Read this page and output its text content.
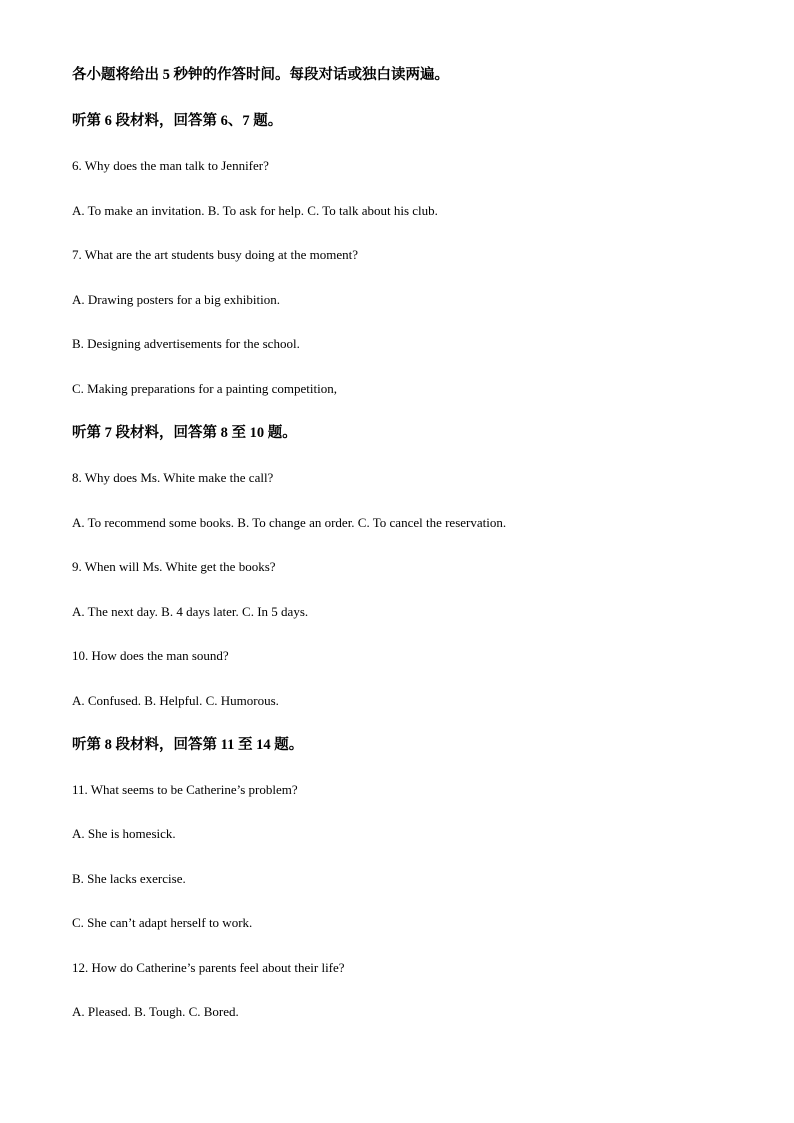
各小题将给出 5 秒钟的作答时间。每段对话或独白读两遍。
听第 6 段材料，回答第 6、7 题。
6. Why does the man talk to Jennifer?
A. To make an invitation. B. To ask for help. C. To talk about his club.
7. What are the art students busy doing at the moment?
A. Drawing posters for a big exhibition.
B. Designing advertisements for the school.
C. Making preparations for a painting competition,
听第 7 段材料，回答第 8 至 10 题。
8. Why does Ms. White make the call?
A. To recommend some books. B. To change an order. C. To cancel the reservation.
9. When will Ms. White get the books?
A. The next day. B. 4 days later. C. In 5 days.
10. How does the man sound?
A. Confused. B. Helpful. C. Humorous.
听第 8 段材料，回答第 11 至 14 题。
11. What seems to be Catherine’s problem?
A. She is homesick.
B. She lacks exercise.
C. She can’t adapt herself to work.
12. How do Catherine’s parents feel about their life?
A. Pleased. B. Tough. C. Bored.
